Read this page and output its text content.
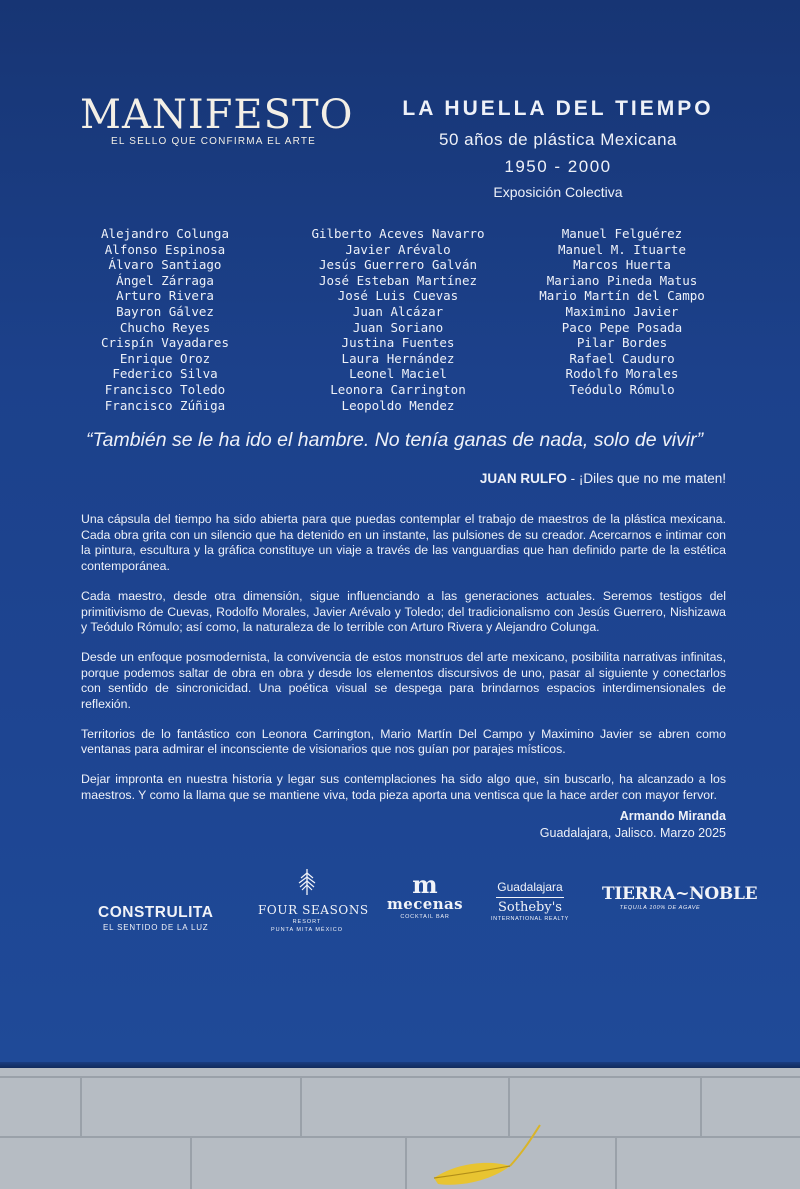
MANIFESTO
EL SELLO QUE CONFIRMA EL ARTE
LA HUELLA DEL TIEMPO
50 años de plástica Mexicana
1950 - 2000
Exposición Colectiva
Alejandro Colunga
Alfonso Espinosa
Álvaro Santiago
Ángel Zárraga
Arturo Rivera
Bayron Gálvez
Chucho Reyes
Crispín Vayadares
Enrique Oroz
Federico Silva
Francisco Toledo
Francisco Zúñiga
Gilberto Aceves Navarro
Javier Arévalo
Jesús Guerrero Galván
José Esteban Martínez
José Luis Cuevas
Juan Alcázar
Juan Soriano
Justina Fuentes
Laura Hernández
Leonel Maciel
Leonora Carrington
Leopoldo Mendez
Manuel Felguérez
Manuel M. Ituarte
Marcos Huerta
Mariano Pineda Matus
Mario Martín del Campo
Maximino Javier
Paco Pepe Posada
Pilar Bordes
Rafael Cauduro
Rodolfo Morales
Teódulo Rómulo
“También se le ha ido el hambre. No tenía ganas de nada, solo de vivir”
JUAN RULFO - ¡Diles que no me maten!

Una cápsula del tiempo ha sido abierta para que puedas contemplar el trabajo de maestros de la plástica mexicana. Cada obra grita con un silencio que ha detenido en un instante, las pulsiones de su creador. Acercarnos e intimar con la pintura, escultura y la gráfica constituye un viaje a través de las vanguardias que han definido parte de la estética contemporánea.

Cada maestro, desde otra dimensión, sigue influenciando a las generaciones actuales. Seremos testigos del primitivismo de Cuevas, Rodolfo Morales, Javier Arévalo y Toledo; del tradicionalismo con Jesús Guerrero, Nishizawa y Teódulo Rómulo; así como, la naturaleza de lo terrible con Arturo Rivera y Alejandro Colunga.

Desde un enfoque posmodernista, la convivencia de estos monstruos del arte mexicano, posibilita narrativas infinitas, porque podemos saltar de obra en obra y desde los elementos discursivos de uno, pasar al siguiente y conectarlos con sentido de sincronicidad. Una poética visual se despega para brindarnos espacios interdimensionales de reflexión.

Territorios de lo fantástico con Leonora Carrington, Mario Martín Del Campo y Maximino Javier se abren como ventanas para admirar el inconsciente de visionarios que nos guían por parajes místicos.

Dejar impronta en nuestra historia y legar sus contemplaciones ha sido algo que, sin buscarlo, ha alcanzado a los maestros. Y como la llama que se mantiene viva, toda pieza aporta una ventisca que la hace arder con mayor fervor.

Armando Miranda
Guadalajara, Jalisco. Marzo 2025
CONSTRULITA
EL SENTIDO DE LA LUZ
FOUR SEASONS
RESORT
PUNTA MITA MÉXICO
m
mecenas
COCKTAIL BAR
Guadalajara
Sotheby's
INTERNATIONAL REALTY
TIERRA~NOBLE
TEQUILA 100% DE AGAVE
